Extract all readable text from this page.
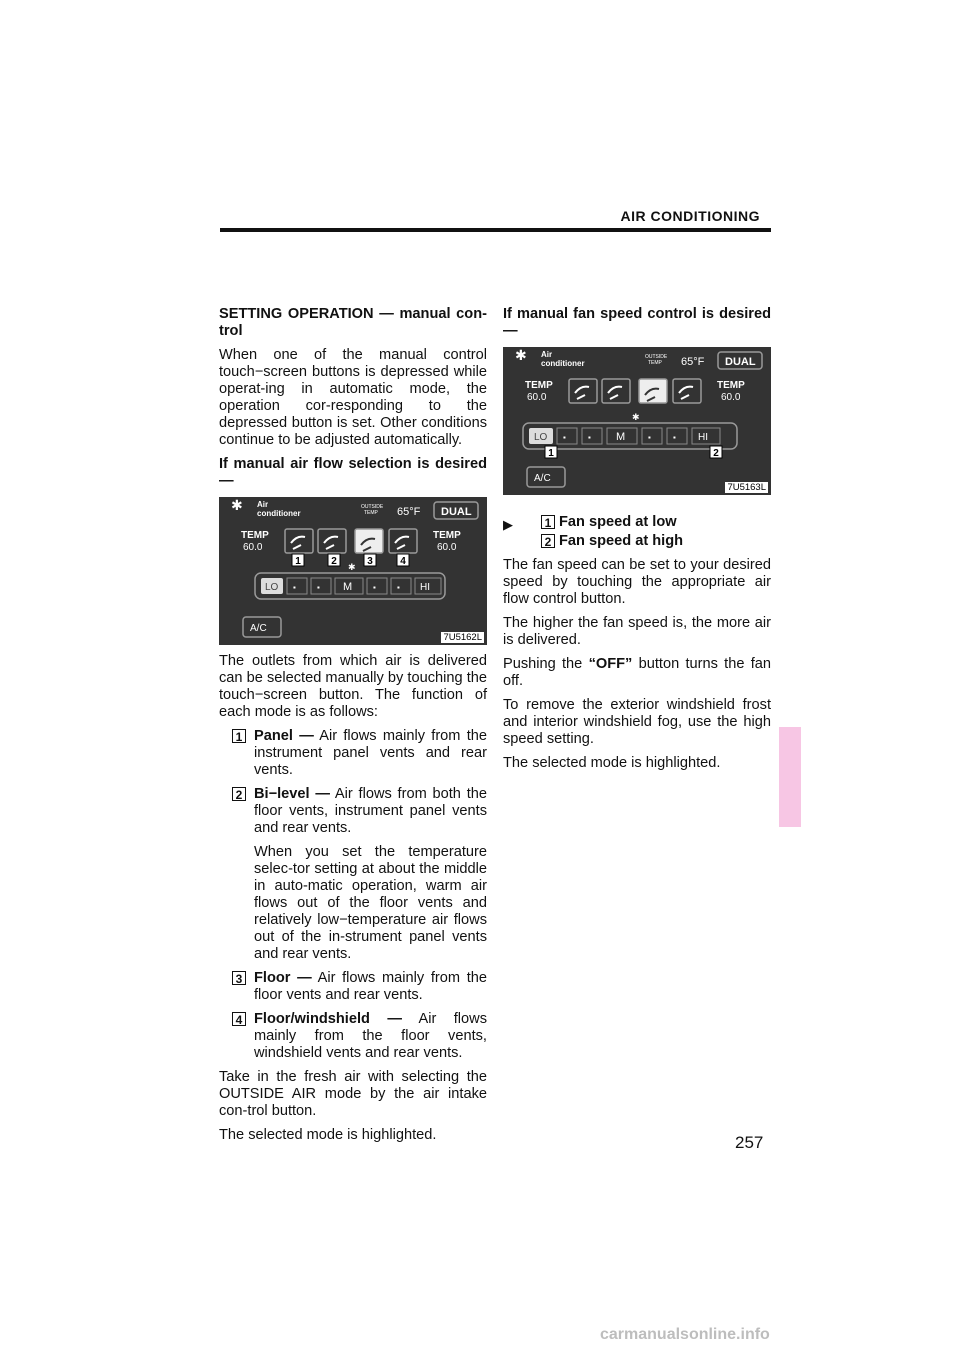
AIR CONDITIONING

SETTING OPERATION — manual con-trol

When one of the manual control touch−screen buttons is depressed while operat-ing in automatic mode, the operation cor-responding to the depressed button is set. Other conditions continue to be adjusted automatically.

If manual air flow selection is desired —

✱ Air
conditioner
OUTSIDE
TEMP 65°F DUAL
TEMP
60.0
TEMP
60.0
1	2	3	4
✱
LO ▪	▪ M	▪	▪ HI
A/C
7U5162L

The outlets from which air is delivered can be selected manually by touching the touch−screen button. The function of each mode is as follows:

1 Panel — Air flows mainly from the instrument panel vents and rear vents.
2 Bi−level — Air flows from both the floor vents, instrument panel vents and rear vents.
When you set the temperature selec-tor setting at about the middle in auto-matic operation, warm air flows out of the floor vents and relatively low−temperature air flows out of the in-strument panel vents and rear vents.
3 Floor — Air flows mainly from the floor vents and rear vents.
4 Floor/windshield — Air flows mainly from the floor vents, windshield vents and rear vents.

Take in the fresh air with selecting the OUTSIDE AIR mode by the air intake con-trol button.

The selected mode is highlighted.

If manual fan speed control is desired —

✱ Air
conditioner
OUTSIDE
TEMP 65°F DUAL
TEMP
60.0
TEMP
60.0
✱
LO ▪	▪ M	▪	▪ HI
1	2
A/C
7U5163L
▶	1 Fan speed at low
2 Fan speed at high

The fan speed can be set to your desired speed by touching the appropriate air flow control button.

The higher the fan speed is, the more air is delivered.

Pushing the “OFF” button turns the fan off.

To remove the exterior windshield frost and interior windshield fog, use the high speed setting.

The selected mode is highlighted.

257
carmanualsonline.info
